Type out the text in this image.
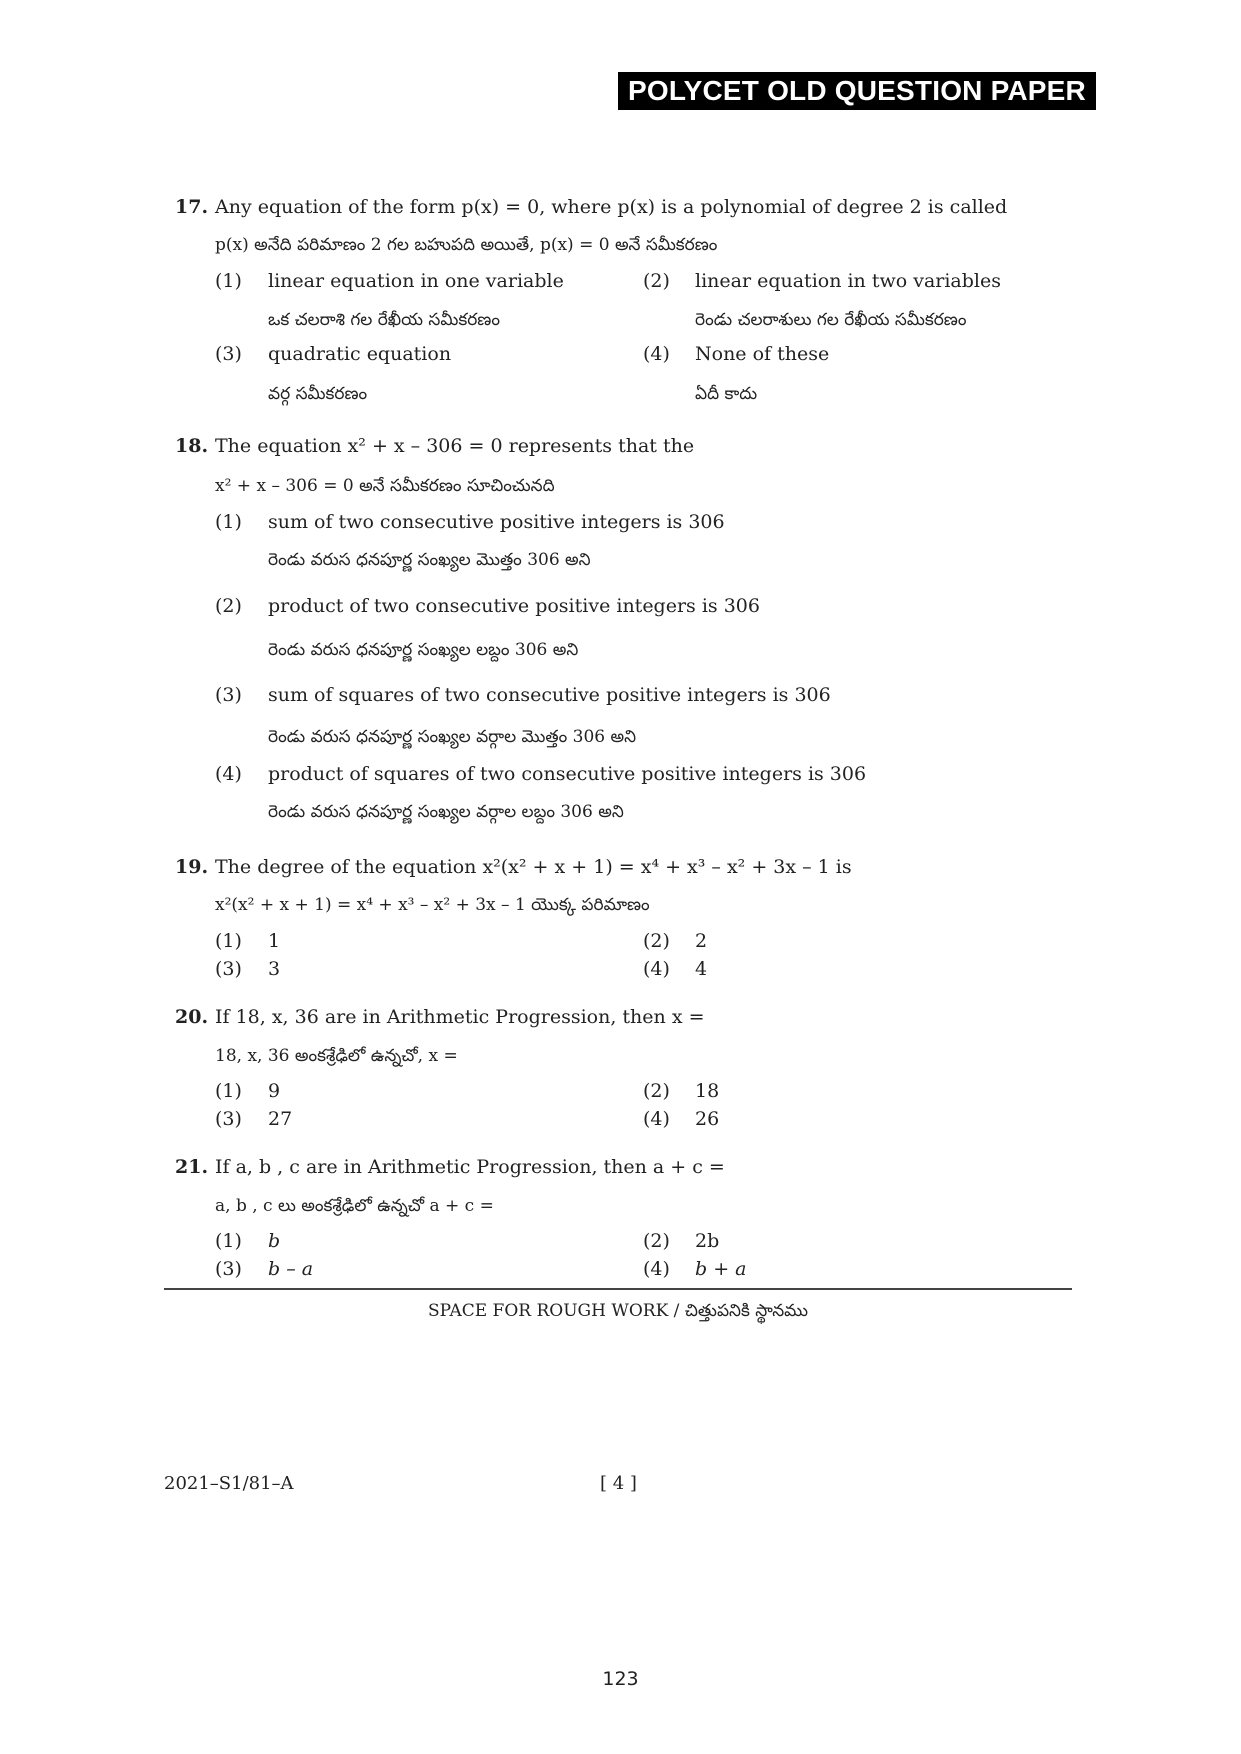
POLYCET OLD QUESTION PAPER
17. Any equation of the form p(x) = 0, where p(x) is a polynomial of degree 2 is called
p(x) అనేది పరిమాణం 2 గల బహుపది అయితే, p(x) = 0 అనే సమీకరణం
(1) linear equation in one variable
ఒక చలరాశి గల రేఖీయ సమీకరణం
(2) linear equation in two variables
రెండు చలరాశులు గల రేఖీయ సమీకరణం
(3) quadratic equation
వర్గ సమీకరణం
(4) None of these
ఏదీ కాదు
18. The equation x² + x – 306 = 0 represents that the
x² + x – 306 = 0 అనే సమీకరణం సూచించునది
(1) sum of two consecutive positive integers is 306
రెండు వరుస ధనపూర్ణ సంఖ్యల మొత్తం 306 అని
(2) product of two consecutive positive integers is 306
రెండు వరుస ధనపూర్ణ సంఖ్యల లబ్దం 306 అని
(3) sum of squares of two consecutive positive integers is 306
రెండు వరుస ధనపూర్ణ సంఖ్యల వర్గాల మొత్తం 306 అని
(4) product of squares of two consecutive positive integers is 306
రెండు వరుస ధనపూర్ణ సంఖ్యల వర్గాల లబ్దం 306 అని
19. The degree of the equation x²(x² + x + 1) = x⁴ + x³ – x² + 3x – 1 is
x²(x² + x + 1) = x⁴ + x³ – x² + 3x – 1 యొక్క పరిమాణం
(1) 1	(2) 2
(3) 3	(4) 4
20. If 18, x, 36 are in Arithmetic Progression, then x =
18, x, 36 అంకశ్రేఢిలో ఉన్నచో, x =
(1) 9	(2) 18
(3) 27	(4) 26
21. If a, b , c are in Arithmetic Progression, then a + c =
a, b , c లు అంకశ్రేఢిలో ఉన్నచో a + c =
(1) b	(2) 2b
(3) b – a	(4) b + a
SPACE FOR ROUGH WORK / చిత్తుపనికి స్థానము
2021–S1/81–A	[ 4 ]
123
